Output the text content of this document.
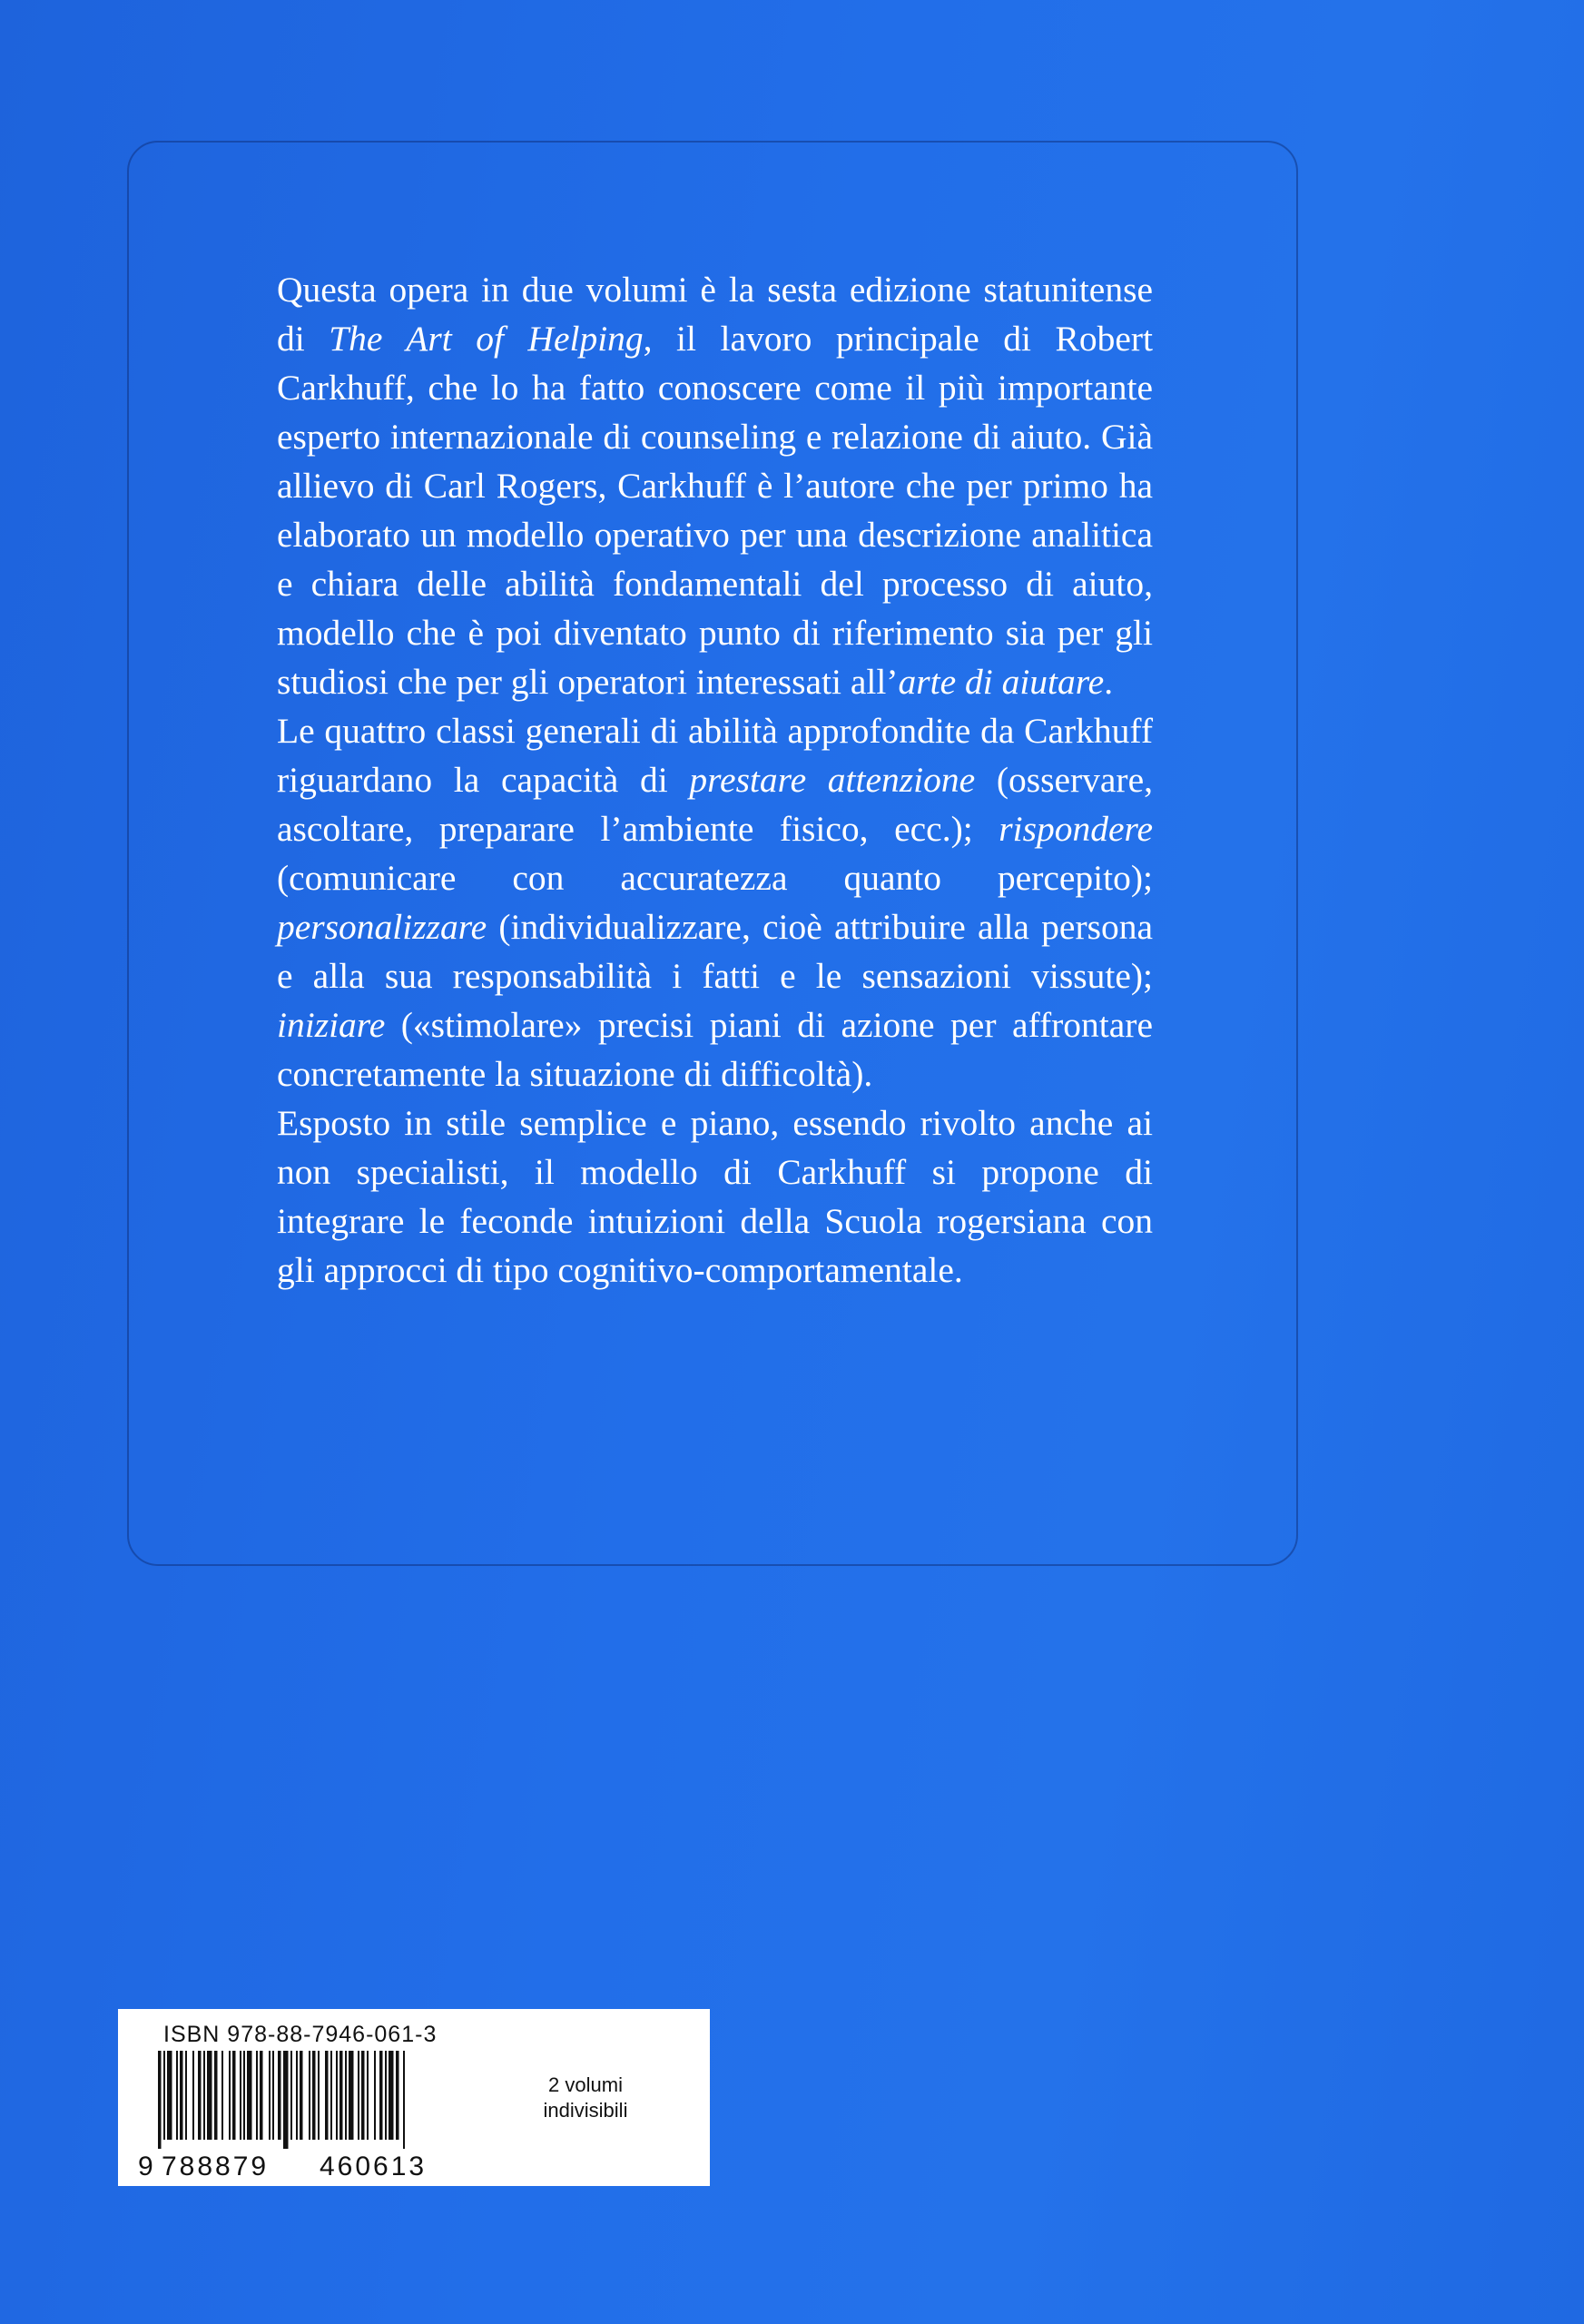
Questa opera in due volumi è la sesta edizione statunitense di The Art of Helping, il lavoro principale di Robert Carkhuff, che lo ha fatto conoscere come il più importante esperto internazionale di counseling e relazione di aiuto. Già allievo di Carl Rogers, Carkhuff è l’autore che per primo ha elaborato un modello operativo per una descrizione analitica e chiara delle abilità fondamentali del processo di aiuto, modello che è poi diventato punto di riferimento sia per gli studiosi che per gli operatori interessati all’arte di aiutare.

Le quattro classi generali di abilità approfondite da Carkhuff riguardano la capacità di prestare attenzione (osservare, ascoltare, preparare l’ambiente fisico, ecc.); rispondere (comunicare con accuratezza quanto percepito); personalizzare (individualizzare, cioè attribuire alla persona e alla sua responsabilità i fatti e le sensazioni vissute); iniziare («stimolare» precisi piani di azione per affrontare concretamente la situazione di difficoltà).

Esposto in stile semplice e piano, essendo rivolto anche ai non specialisti, il modello di Carkhuff si propone di integrare le feconde intuizioni della Scuola rogersiana con gli approcci di tipo cognitivo-comportamentale.

ISBN 978-88-7946-061-3
9 788879 460613
2 volumi
indivisibili
